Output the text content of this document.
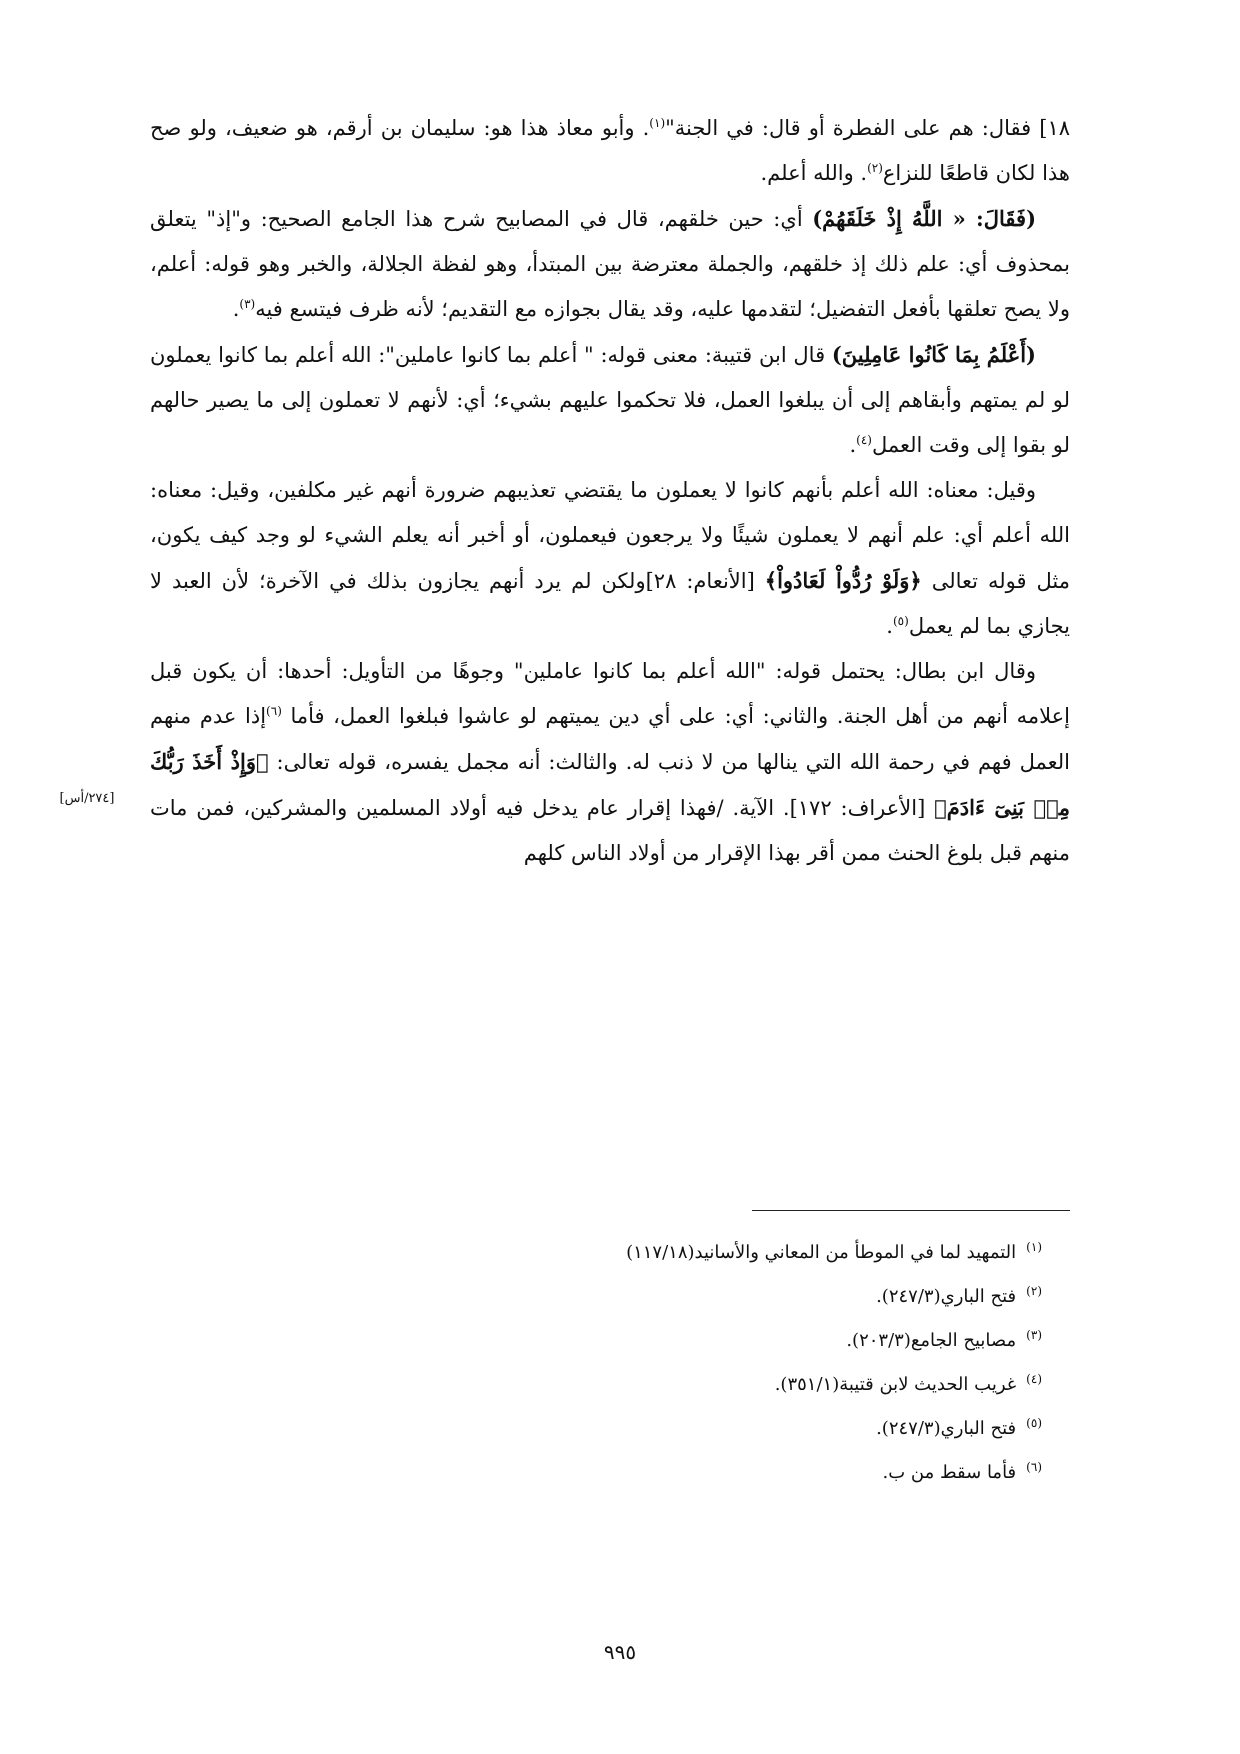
١٨] فقال: هم على الفطرة أو قال: في الجنة"$^{(١)}$. وأبو معاذ هذا هو: سليمان بن أرقم، هو ضعيف، ولو صح هذا لكان قاطعًا للنزاع$^{(٢)}$. والله أعلم.

(فَقَالَ: « اللَّهُ إِذْ خَلَقَهُمْ) أي: حين خلقهم، قال في المصابيح شرح هذا الجامع الصحيح: و"إذ" يتعلق بمحذوف أي: علم ذلك إذ خلقهم، والجملة معترضة بين المبتدأ، وهو لفظة الجلالة، والخبر وهو قوله: أعلم، ولا يصح تعلقها بأفعل التفضيل؛ لتقدمها عليه، وقد يقال بجوازه مع التقديم؛ لأنه ظرف فيتسع فيه$^{(٣)}$.

(أَعْلَمُ بِمَا كَانُوا عَامِلِينَ) قال ابن قتيبة: معنى قوله: " أعلم بما كانوا عاملين": الله أعلم بما كانوا يعملون لو لم يمتهم وأبقاهم إلى أن يبلغوا العمل، فلا تحكموا عليهم بشيء؛ أي: لأنهم لا تعملون إلى ما يصير حالهم لو بقوا إلى وقت العمل$^{(٤)}$.

وقيل: معناه: الله أعلم بأنهم كانوا لا يعملون ما يقتضي تعذيبهم ضرورة أنهم غير مكلفين، وقيل: معناه: الله أعلم أي: علم أنهم لا يعملون شيئًا ولا يرجعون فيعملون، أو أخبر أنه يعلم الشيء لو وجد كيف يكون، مثل قوله تعالى ﴿وَلَوْ رُدُّواْ لَعَادُواْ﴾ [الأنعام: ٢٨]ولكن لم يرد أنهم يجازون بذلك في الآخرة؛ لأن العبد لا يجازي بما لم يعمل$^{(٥)}$.

وقال ابن بطال: يحتمل قوله: "الله أعلم بما كانوا عاملين" وجوهًا من التأويل: أحدها: أن يكون قبل إعلامه أنهم من أهل الجنة. والثاني: أي: على أي دين يميتهم لو عاشوا فبلغوا العمل، فأما $^{(٦)}$إذا عدم منهم العمل فهم في رحمة الله التي ينالها من لا ذنب له. والثالث: أنه مجمل يفسره، قوله تعالى: ﴿وَإِذْ أَخَذَ رَبُّكَ مِنۢ بَنِىٓ ءَادَمَ﴾ [الأعراف: ١٧٢]. الآية. /فهذا إقرار عام يدخل فيه أولاد المسلمين والمشركين، فمن مات منهم قبل بلوغ الحنث ممن أقر بهذا الإقرار من أولاد الناس كلهم

[٢٧٤/أس]
$^{(١)}$التمهيد لما في الموطأ من المعاني والأسانيد(١١٧/١٨)
$^{(٢)}$فتح الباري(٢٤٧/٣).
$^{(٣)}$مصابيح الجامع(٢٠٣/٣).
$^{(٤)}$غريب الحديث لابن قتيبة(٣٥١/١).
$^{(٥)}$فتح الباري(٢٤٧/٣).
$^{(٦)}$فأما سقط من ب.
٩٩٥
